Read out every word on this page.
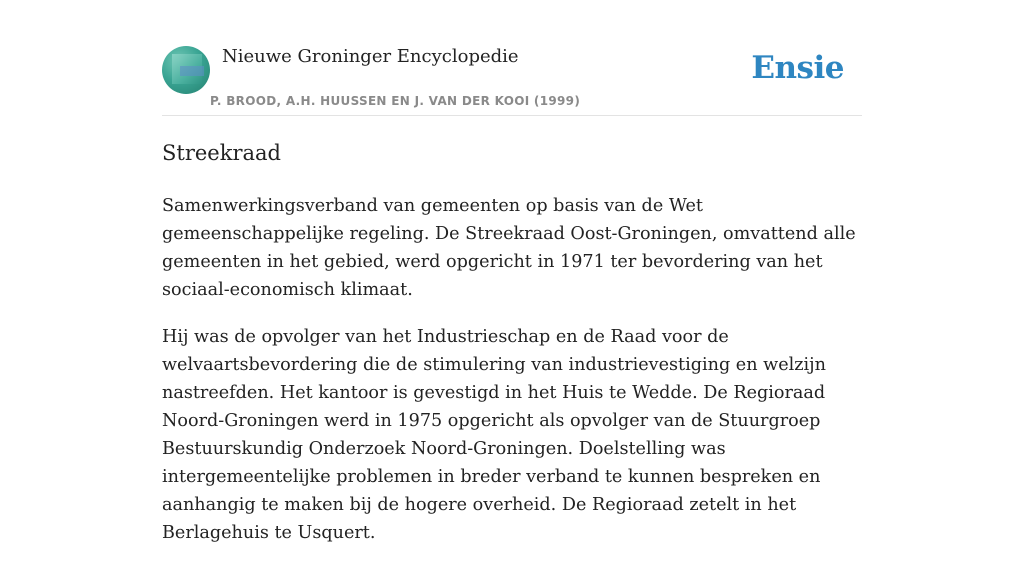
Nieuwe Groninger Encyclopedie
P. BROOD, A.H. HUUSSEN EN J. VAN DER KOOI (1999)
Ensie
Streekraad

Samenwerkingsverband van gemeenten op basis van de Wet gemeenschappelijke regeling. De Streekraad Oost-Groningen, omvattend alle gemeenten in het gebied, werd opgericht in 1971 ter bevordering van het sociaal-economisch klimaat.

Hij was de opvolger van het Industrieschap en de Raad voor de welvaartsbevordering die de stimulering van industrievestiging en welzijn nastreefden. Het kantoor is gevestigd in het Huis te Wedde. De Regioraad Noord-Groningen werd in 1975 opgericht als opvolger van de Stuurgroep Bestuurskundig Onderzoek Noord-Groningen. Doelstelling was intergemeentelijke problemen in breder verband te kunnen bespreken en aanhangig te maken bij de hogere overheid. De Regioraad zetelt in het Berlagehuis te Usquert.
